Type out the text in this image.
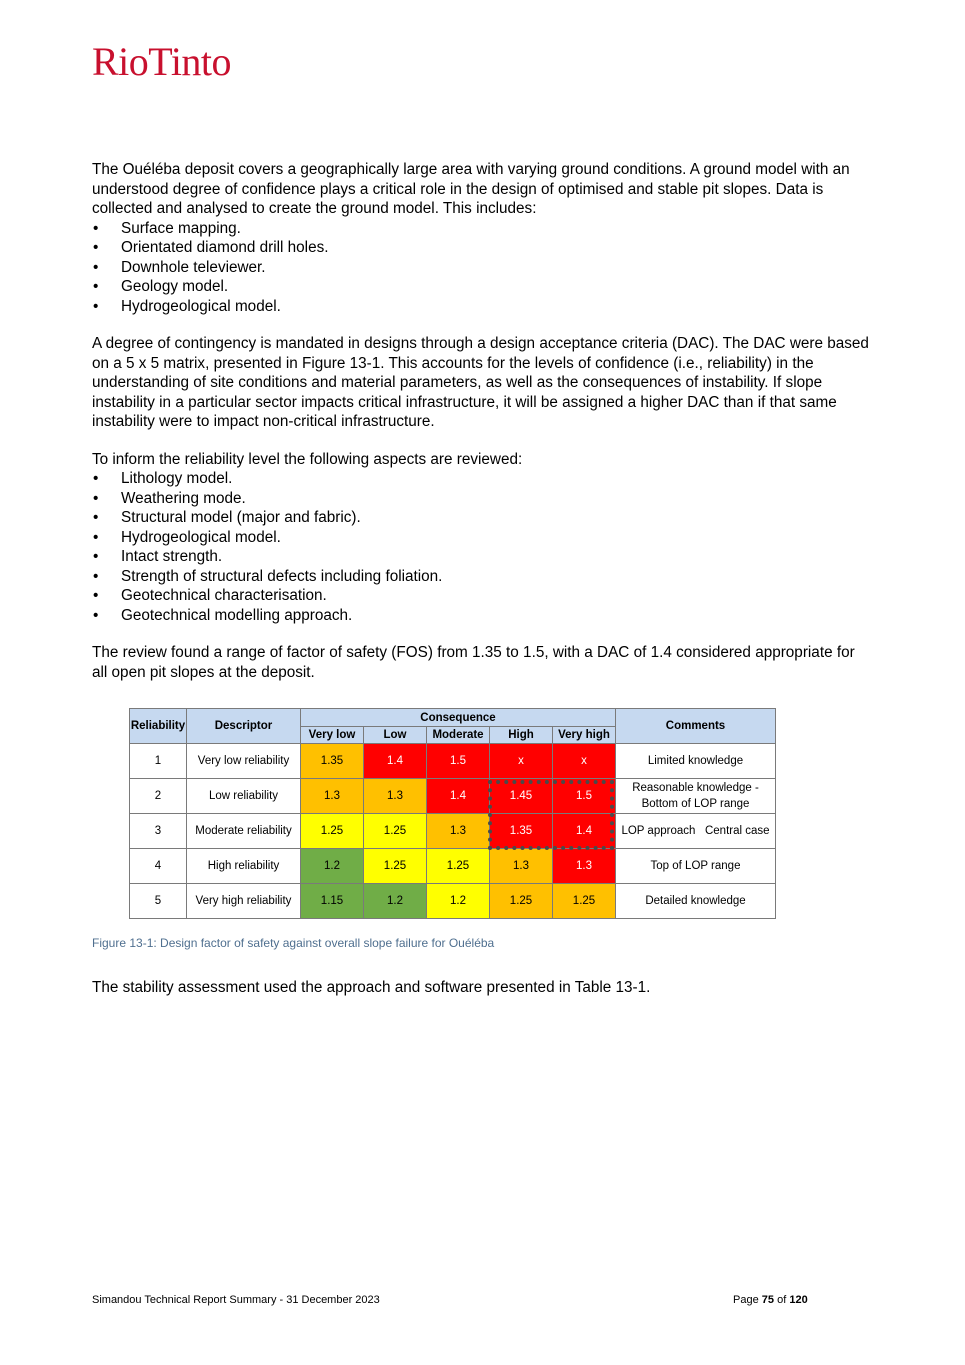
RioTinto

The Ouéléba deposit covers a geographically large area with varying ground conditions. A ground model with an understood degree of confidence plays a critical role in the design of optimised and stable pit slopes. Data is collected and analysed to create the ground model. This includes:

• Surface mapping.
• Orientated diamond drill holes.
• Downhole televiewer.
• Geology model.
• Hydrogeological model.

A degree of contingency is mandated in designs through a design acceptance criteria (DAC). The DAC were based on a 5 x 5 matrix, presented in Figure 13-1. This accounts for the levels of confidence (i.e., reliability) in the understanding of site conditions and material parameters, as well as the consequences of instability. If slope instability in a particular sector impacts critical infrastructure, it will be assigned a higher DAC than if that same instability were to impact non-critical infrastructure.

To inform the reliability level the following aspects are reviewed:

• Lithology model.
• Weathering mode.
• Structural model (major and fabric).
• Hydrogeological model.
• Intact strength.
• Strength of structural defects including foliation.
• Geotechnical characterisation.
• Geotechnical modelling approach.

The review found a range of factor of safety (FOS) from 1.35 to 1.5, with a DAC of 1.4 considered appropriate for all open pit slopes at the deposit.

Reliability	Descriptor	Consequence					Comments
		Very low	Low	Moderate	High	Very high	
1	Very low reliability	1.35	1.4	1.5	x	x	Limited knowledge
2	Low reliability	1.3	1.3	1.4	1.45	1.5	Reasonable knowledge - Bottom of LOP range
3	Moderate reliability	1.25	1.25	1.3	1.35	1.4	LOP approach   Central case
4	High reliability	1.2	1.25	1.25	1.3	1.3	Top of LOP range
5	Very high reliability	1.15	1.2	1.2	1.25	1.25	Detailed knowledge
Figure 13-1: Design factor of safety against overall slope failure for Ouéléba
The stability assessment used the approach and software presented in Table 13-1.
Simandou Technical Report Summary - 31 December 2023	Page 75 of 120
